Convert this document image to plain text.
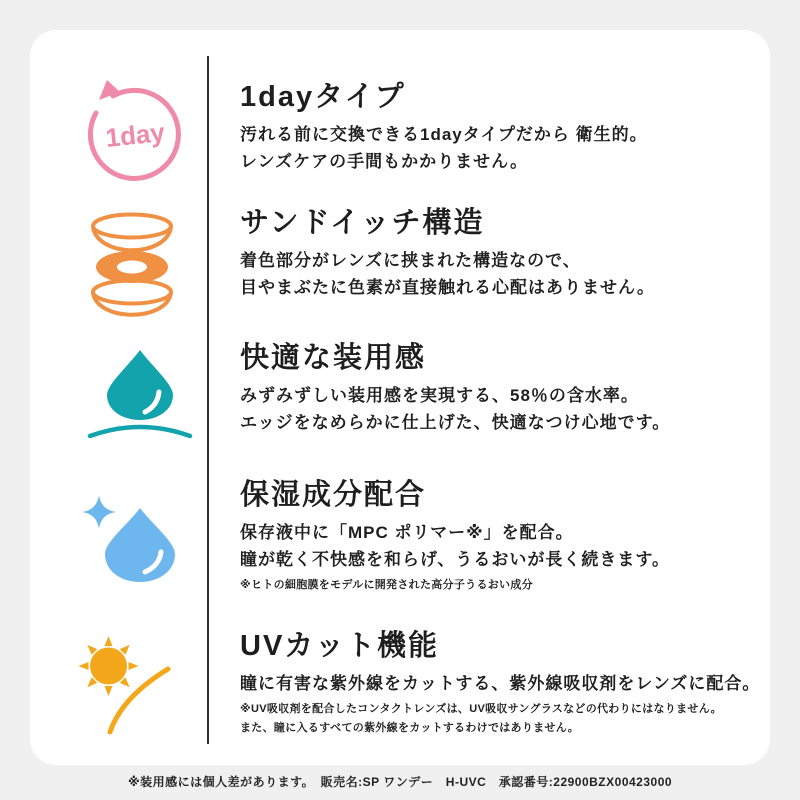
1day
1dayタイプ

汚れる前に交換できる1dayタイプだから 衛生的。

レンズケアの手間もかかりません。

サンドイッチ構造

着色部分がレンズに挟まれた構造なので、

目やまぶたに色素が直接触れる心配はありません。

快適な装用感

みずみずしい装用感を実現する、58％の含水率。

エッジをなめらかに仕上げた、快適なつけ心地です。

保湿成分配合

保存液中に「MPC ポリマー※」を配合。

瞳が乾く不快感を和らげ、うるおいが長く続きます。

※ヒトの細胞膜をモデルに開発された高分子うるおい成分
UVカット機能

瞳に有害な紫外線をカットする、紫外線吸収剤をレンズに配合。

※UV吸収剤を配合したコンタクトレンズは、UV吸収サングラスなどの代わりにはなりません。
また、瞳に入るすべての紫外線をカットするわけではありません。
※装用感には個人差があります。　販売名:SP ワンデー　H-UVC　承認番号:22900BZX00423000
